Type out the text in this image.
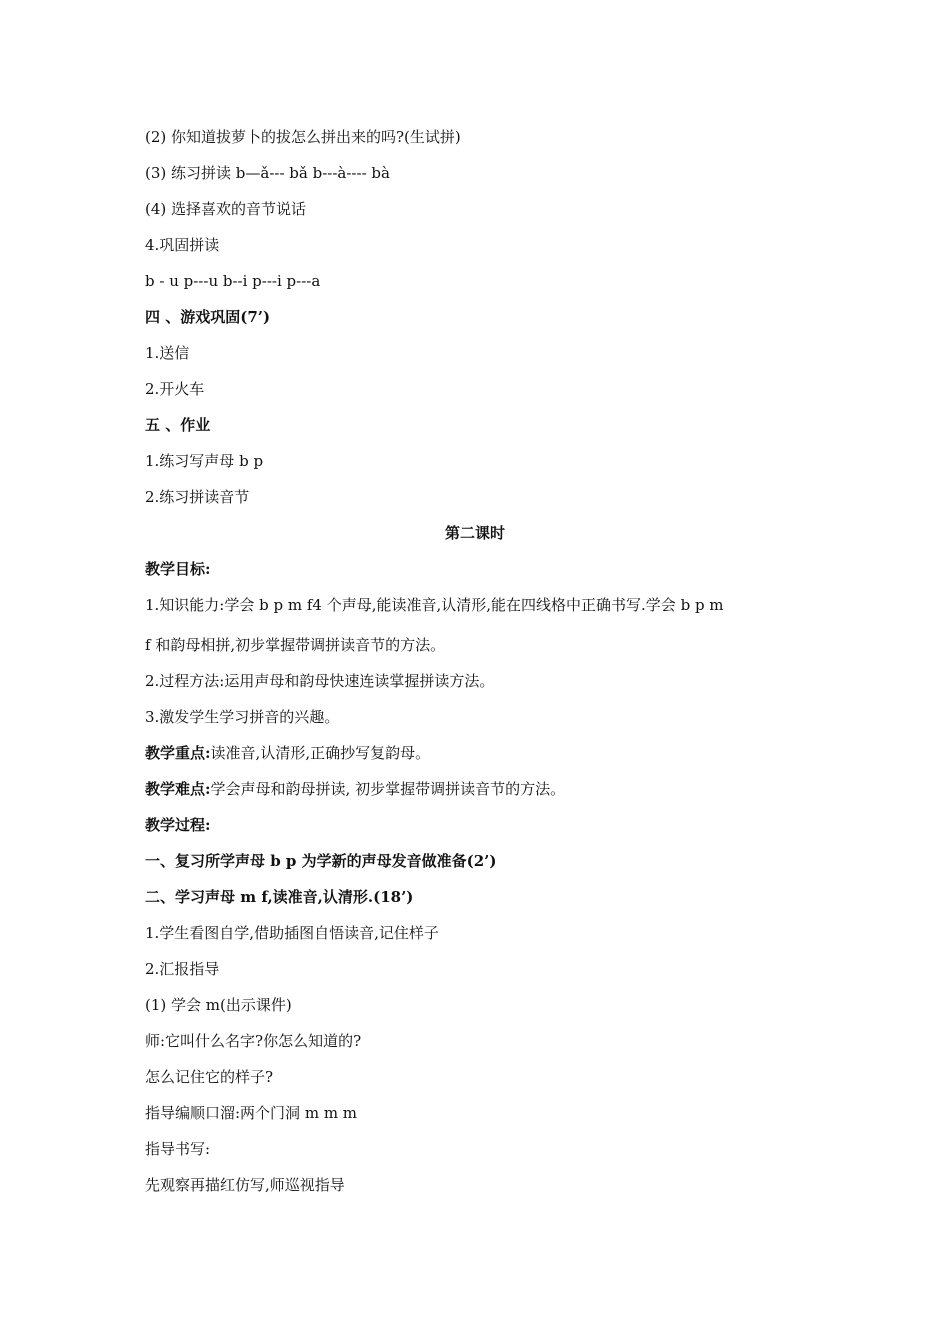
(2) 你知道拔萝卜的拔怎么拼出来的吗?(生试拼)
(3) 练习拼读 b—ǎ--- bǎ b---à---- bà
(4) 选择喜欢的音节说话
4.巩固拼读
b - u p---u b--i p---i p---a
四 、游戏巩固(7’)
1.送信
2.开火车
五 、作业
1.练习写声母 b p
2.练习拼读音节
第二课时
教学目标:
1.知识能力:学会 b p m f4 个声母,能读准音,认清形,能在四线格中正确书写.学会 b p m
f 和韵母相拼,初步掌握带调拼读音节的方法。
2.过程方法:运用声母和韵母快速连读掌握拼读方法。
3.激发学生学习拼音的兴趣。
教学重点:读准音,认清形,正确抄写复韵母。
教学难点:学会声母和韵母拼读, 初步掌握带调拼读音节的方法。
教学过程:
一、复习所学声母 b p 为学新的声母发音做准备(2’)
二、学习声母 m f,读准音,认清形.(18’)
1.学生看图自学,借助插图自悟读音,记住样子
2.汇报指导
(1) 学会 m(出示课件)
师:它叫什么名字?你怎么知道的?
怎么记住它的样子?
指导编顺口溜:两个门洞 m m m
指导书写:
先观察再描红仿写,师巡视指导
